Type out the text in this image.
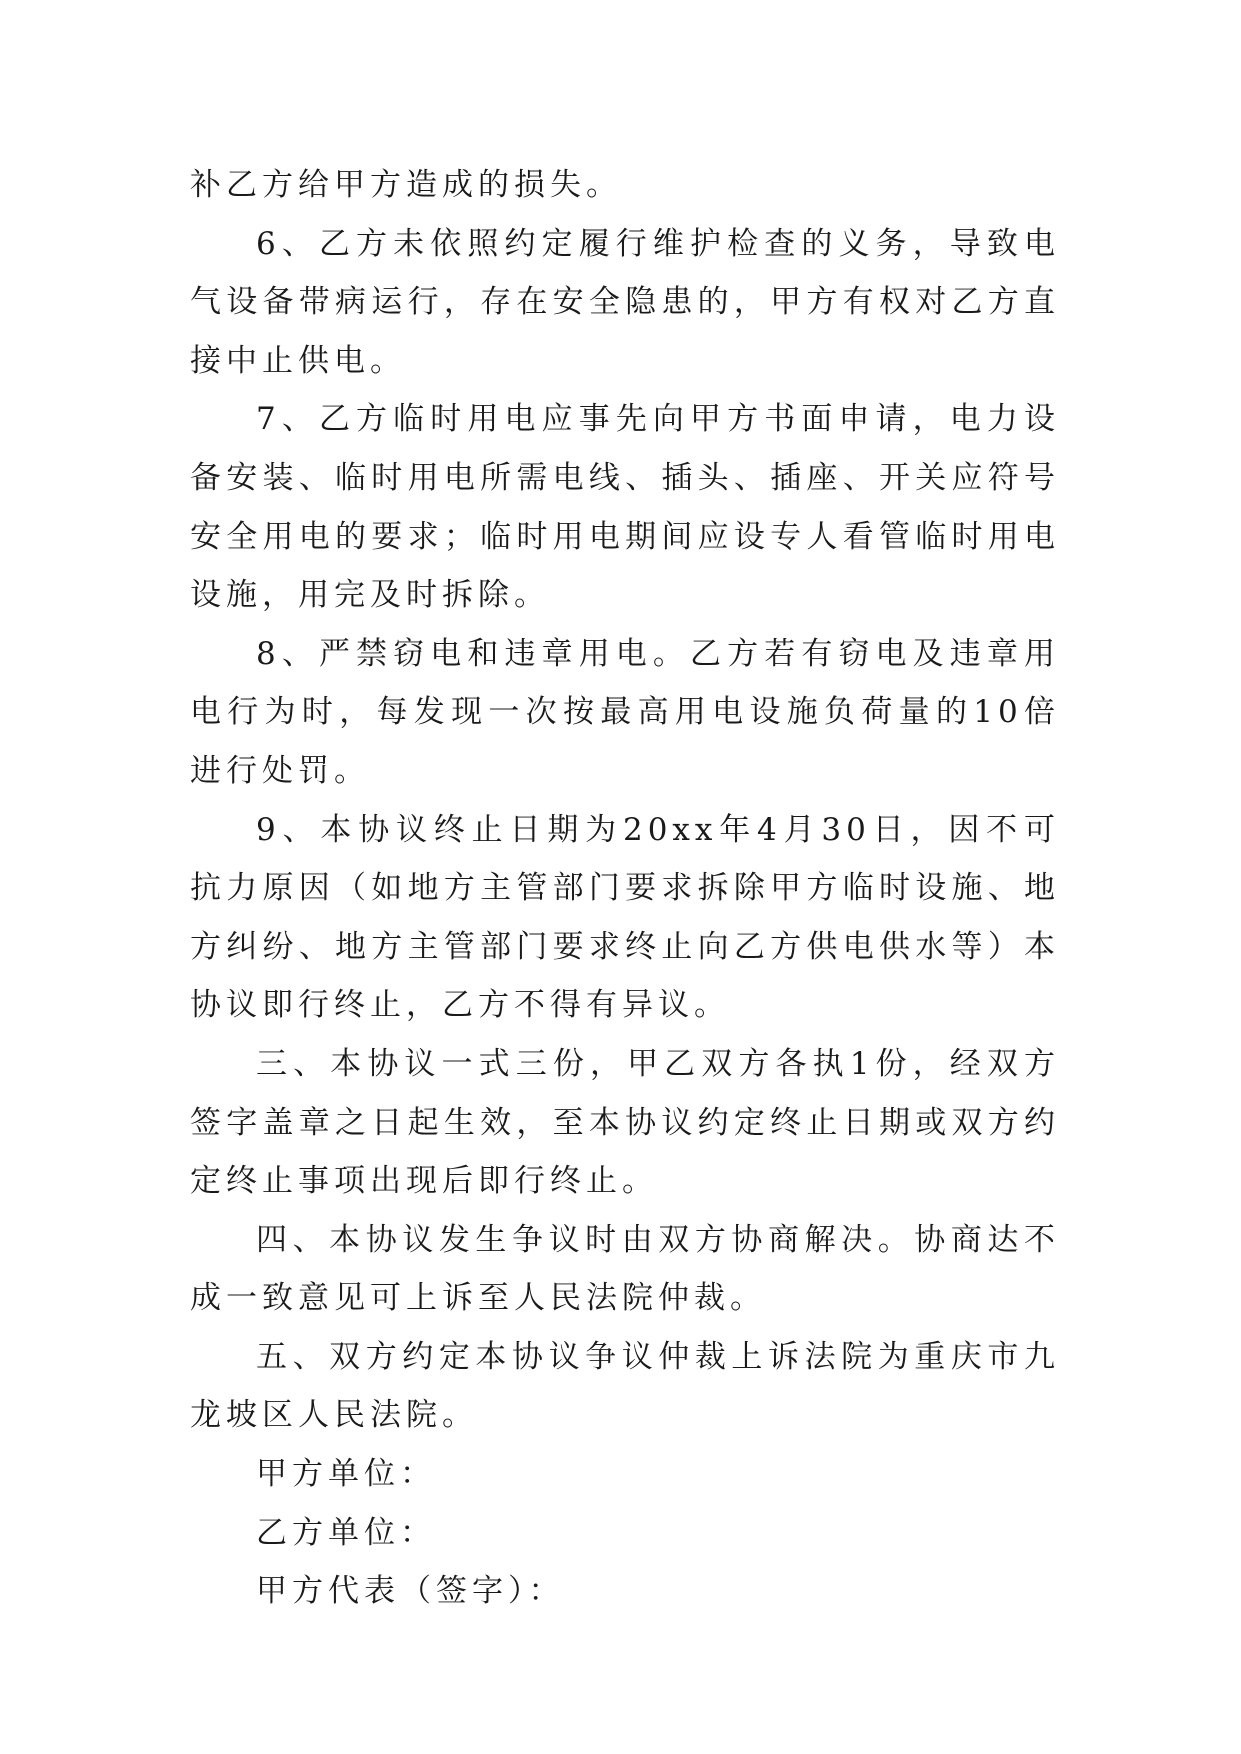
补乙方给甲方造成的损失。

6、乙方未依照约定履行维护检查的义务，导致电气设备带病运行，存在安全隐患的，甲方有权对乙方直接中止供电。

7、乙方临时用电应事先向甲方书面申请，电力设备安装、临时用电所需电线、插头、插座、开关应符号安全用电的要求；临时用电期间应设专人看管临时用电设施，用完及时拆除。

8、严禁窃电和违章用电。乙方若有窃电及违章用电行为时，每发现一次按最高用电设施负荷量的10倍进行处罚。

9、本协议终止日期为20xx年4月30日，因不可抗力原因（如地方主管部门要求拆除甲方临时设施、地方纠纷、地方主管部门要求终止向乙方供电供水等）本协议即行终止，乙方不得有异议。

三、本协议一式三份，甲乙双方各执1份，经双方签字盖章之日起生效，至本协议约定终止日期或双方约定终止事项出现后即行终止。

四、本协议发生争议时由双方协商解决。协商达不成一致意见可上诉至人民法院仲裁。

五、双方约定本协议争议仲裁上诉法院为重庆市九龙坡区人民法院。

甲方单位：

乙方单位：

甲方代表（签字）：
